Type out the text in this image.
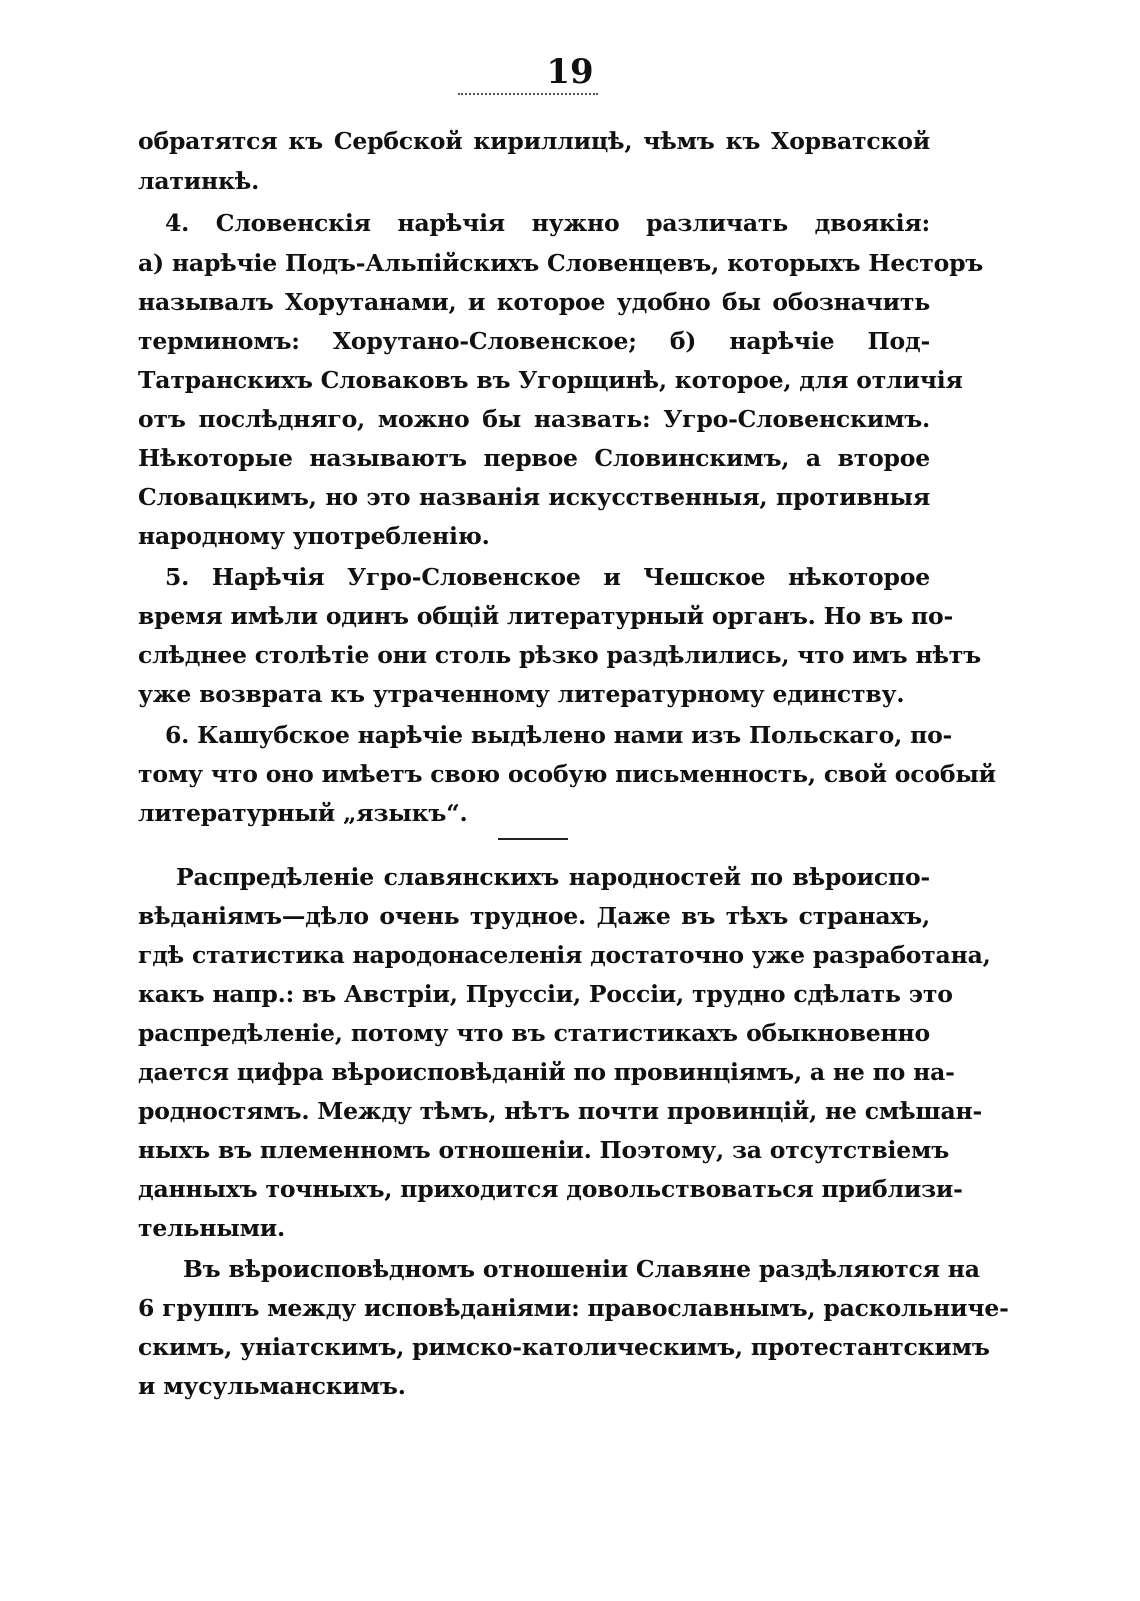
19
обратятся къ Сербской кириллицѣ, чѣмъ къ Хорватской
латинкѣ.
4. Словенскія нарѣчія нужно различать двоякія:
а) нарѣчіе Подъ-Альпійскихъ Словенцевъ, которыхъ Несторъ
называлъ Хорутанами, и которое удобно бы обозначить
терминомъ: Хорутано-Словенское; б) нарѣчіе Под-
Татранскихъ Словаковъ въ Угорщинѣ, которое, для отличія
отъ послѣдняго, можно бы назвать: Угро-Словенскимъ.
Нѣкоторые называютъ первое Словинскимъ, а второе
Словацкимъ, но это названія искусственныя, противныя
народному употребленію.
5. Нарѣчія Угро-Словенское и Чешское нѣкоторое
время имѣли одинъ общій литературный органъ. Но въ по-
слѣднее столѣтіе они столь рѣзко раздѣлились, что имъ нѣтъ
уже возврата къ утраченному литературному единству.
6. Кашубское нарѣчіе выдѣлено нами изъ Польскаго, по-
тому что оно имѣетъ свою особую письменность, свой особый
литературный „языкъ“.
Распредѣленіе славянскихъ народностей по вѣроиспо-
вѣданіямъ—дѣло очень трудное. Даже въ тѣхъ странахъ,
гдѣ статистика народонаселенія достаточно уже разработана,
какъ напр.: въ Австріи, Пруссіи, Россіи, трудно сдѣлать это
распредѣленіе, потому что въ статистикахъ обыкновенно
дается цифра вѣроисповѣданій по провинціямъ, а не по на-
родностямъ. Между тѣмъ, нѣтъ почти провинцій, не смѣшан-
ныхъ въ племенномъ отношеніи. Поэтому, за отсутствіемъ
данныхъ точныхъ, приходится довольствоваться приблизи-
тельными.
Въ вѣроисповѣдномъ отношеніи Славяне раздѣляются на
6 группъ между исповѣданіями: православнымъ, раскольниче-
скимъ, уніатскимъ, римско-католическимъ, протестантскимъ
и мусульманскимъ.
